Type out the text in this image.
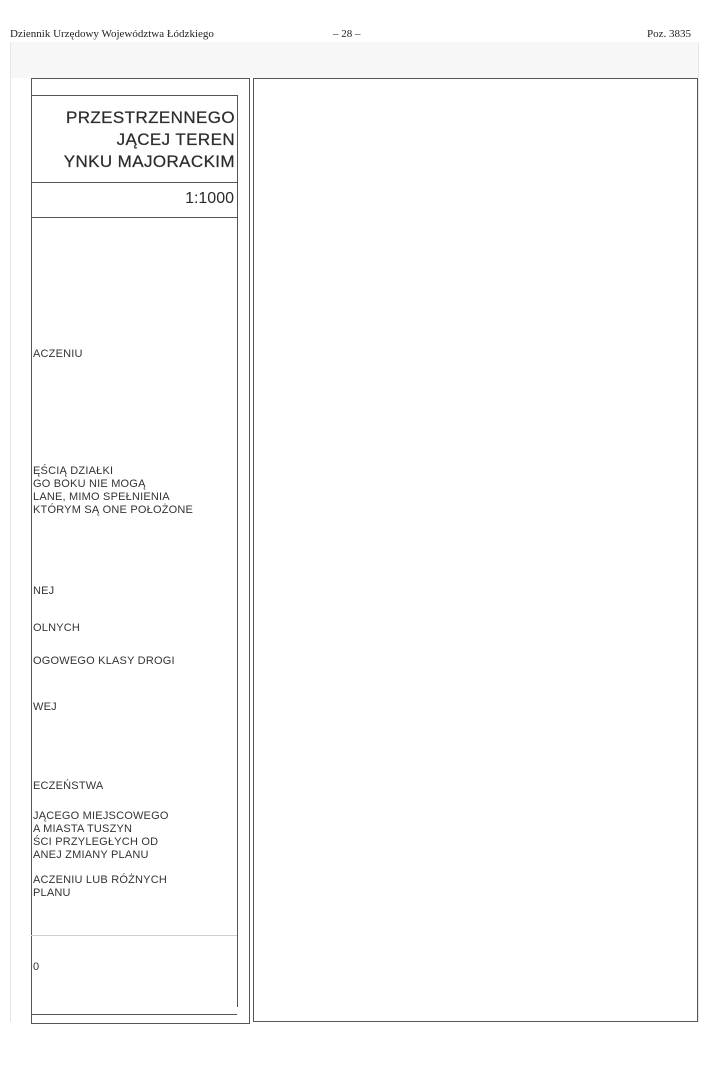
Dziennik Urzędowy Województwa Łódzkiego	– 28 –	Poz. 3835
PRZESTRZENNEGO
JĄCEJ TEREN
YNKU MAJORACKIM
1:1000
ACZENIU
ĘŚCIĄ DZIAŁKI
GO BOKU NIE MOGĄ
LANE, MIMO SPEŁNIENIA
KTÓRYM SĄ ONE POŁOŻONE
NEJ
OLNYCH
OGOWEGO KLASY DROGI
WEJ
ECZEŃSTWA
JĄCEGO MIEJSCOWEGO
A MIASTA TUSZYN
ŚCI PRZYLEGŁYCH OD
ANEJ ZMIANY PLANU
ACZENIU LUB RÓŻNYCH
PLANU
0
